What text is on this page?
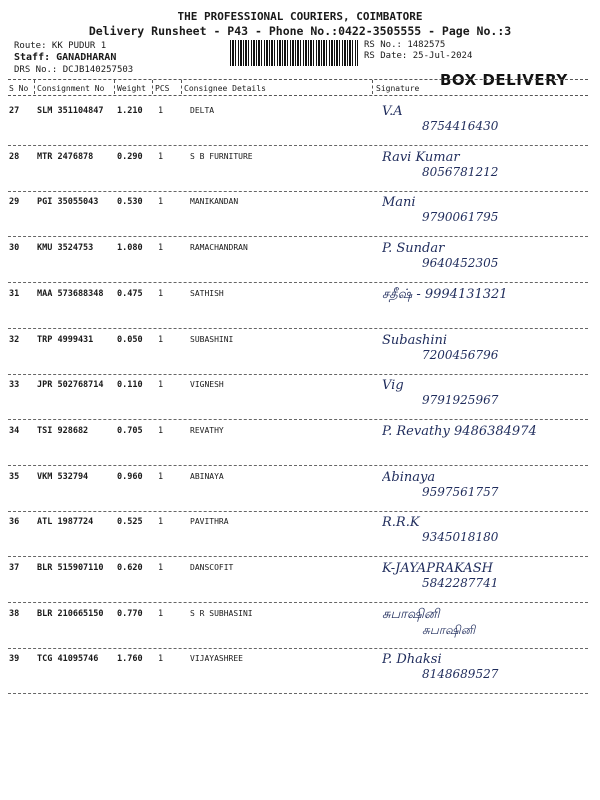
THE PROFESSIONAL COURIERS, COIMBATORE
Delivery Runsheet - P43 - Phone No.:0422-3505555 - Page No.:3
Route: KK PUDUR 1
Staff: GANADHARAN
DRS No.: DCJB140257503
RS No.: 1482575
RS Date: 25-Jul-2024
BOX DELIVERY
S No Consignment No Weight PCS Consignee Details	Signature
27 SLM 351104847 1.210 1	DELTA	V.A
8754416430
28 MTR 2476878	0.290 1	S B FURNITURE	Ravi Kumar
8056781212
29 PGI 35055043 0.530 1	MANIKANDAN	Mani
9790061795
30 KMU 3524753	1.080 1	RAMACHANDRAN	P. Sundar
9640452305
31 MAA 573688348 0.475 1	SATHISH	சதீஷ் - 9994131321
32 TRP 4999431	0.050 1	SUBASHINI	Subashini
7200456796
33 JPR 502768714 0.110 1	VIGNESH	Vig
9791925967
34 TSI 928682	0.705 1	REVATHY	P. Revathy 9486384974
35 VKM 532794	0.960 1	ABINAYA	Abinaya
9597561757
36 ATL 1987724	0.525 1	PAVITHRA	R.R.K
9345018180
37 BLR 515907110 0.620 1	DANSCOFIT	K-JAYAPRAKASH
5842287741
38 BLR 210665150 0.770 1	S R SUBHASINI	சுபாஷினி
சுபாஷினி
39 TCG 41095746 1.760 1	VIJAYASHREE	P. Dhaksi
8148689527
